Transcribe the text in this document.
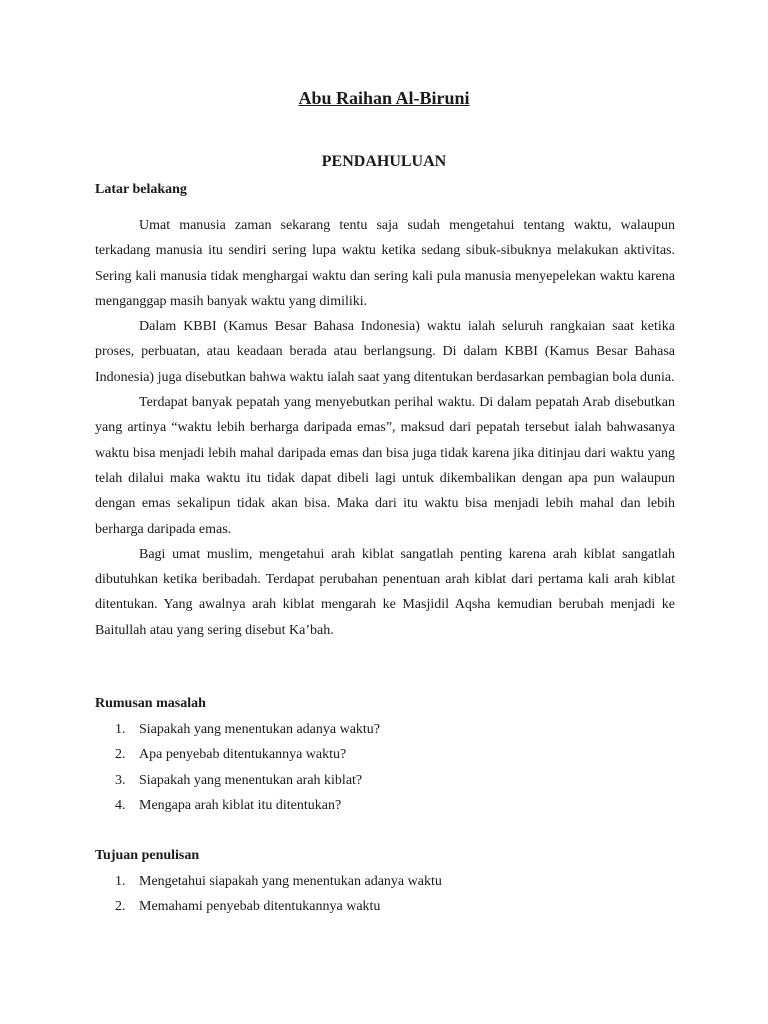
Abu Raihan Al-Biruni
PENDAHULUAN
Latar belakang

Umat manusia zaman sekarang tentu saja sudah mengetahui tentang waktu, walaupun terkadang manusia itu sendiri sering lupa waktu ketika sedang sibuk-sibuknya melakukan aktivitas. Sering kali manusia tidak menghargai waktu dan sering kali pula manusia menyepelekan waktu karena menganggap masih banyak waktu yang dimiliki.

Dalam KBBI (Kamus Besar Bahasa Indonesia) waktu ialah seluruh rangkaian saat ketika proses, perbuatan, atau keadaan berada atau berlangsung. Di dalam KBBI (Kamus Besar Bahasa Indonesia) juga disebutkan bahwa waktu ialah saat yang ditentukan berdasarkan pembagian bola dunia.

Terdapat banyak pepatah yang menyebutkan perihal waktu. Di dalam pepatah Arab disebutkan yang artinya “waktu lebih berharga daripada emas”, maksud dari pepatah tersebut ialah bahwasanya waktu bisa menjadi lebih mahal daripada emas dan bisa juga tidak karena jika ditinjau dari waktu yang telah dilalui maka waktu itu tidak dapat dibeli lagi untuk dikembalikan dengan apa pun walaupun dengan emas sekalipun tidak akan bisa. Maka dari itu waktu bisa menjadi lebih mahal dan lebih berharga daripada emas.

Bagi umat muslim, mengetahui arah kiblat sangatlah penting karena arah kiblat sangatlah dibutuhkan ketika beribadah. Terdapat perubahan penentuan arah kiblat dari pertama kali arah kiblat ditentukan. Yang awalnya arah kiblat mengarah ke Masjidil Aqsha kemudian berubah menjadi ke Baitullah atau yang sering disebut Ka’bah.

Rumusan masalah
1. Siapakah yang menentukan adanya waktu?
2. Apa penyebab ditentukannya waktu?
3. Siapakah yang menentukan arah kiblat?
4. Mengapa arah kiblat itu ditentukan?
Tujuan penulisan
1. Mengetahui siapakah yang menentukan adanya waktu
2. Memahami penyebab ditentukannya waktu
